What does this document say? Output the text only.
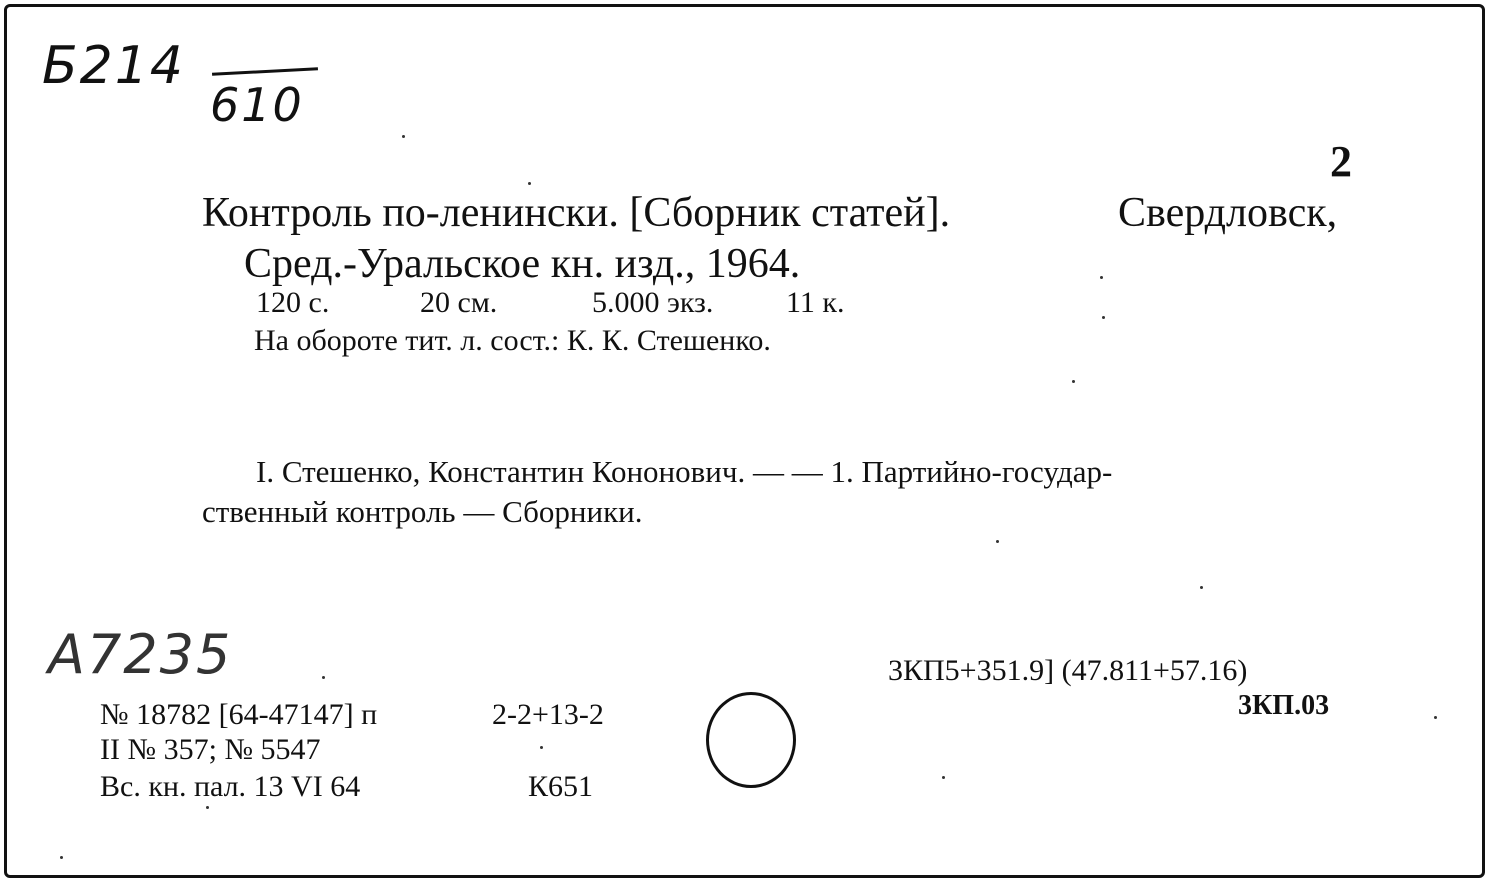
Б214
610
2
Контроль по-ленински. [Сборник статей].	Свердловск,
Сред.-Уральское кн. изд., 1964.
120 с.	20 см.	5.000 экз. 11 к.
На обороте тит. л. сост.: К. К. Стешенко.
I. Стешенко, Константин Кононович. — — 1. Партийно-государ-
ственный контроль — Сборники.
А7235	3КП5+351.9] (47.811+57.16)
3КП.03
№ 18782 [64-47147] п	2-2+13-2
II № 357; № 5547
Вс. кн. пал. 13 VI 64	К651
